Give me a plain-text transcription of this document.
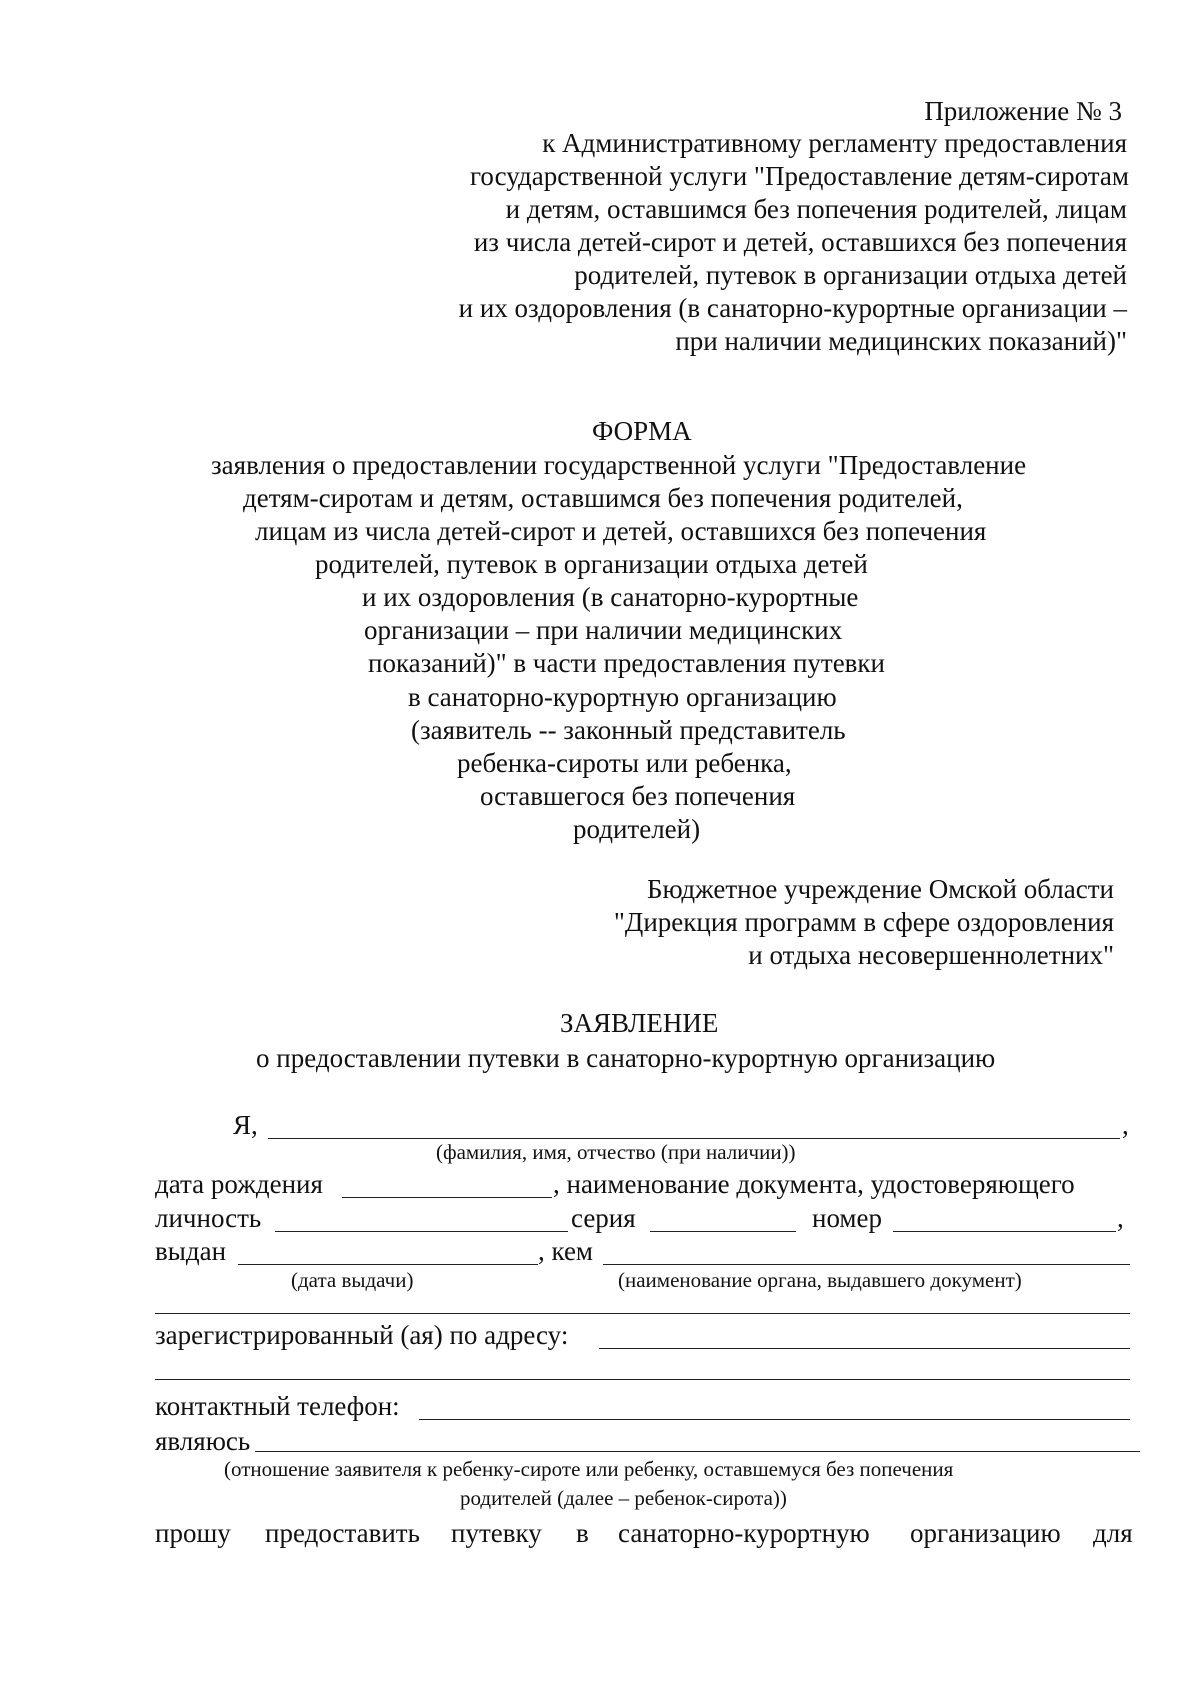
Приложение № 3
к Административному регламенту предоставления
государственной услуги "Предоставление детям-сиротам
и детям, оставшимся без попечения родителей, лицам
из числа детей-сирот и детей, оставшихся без попечения
родителей, путевок в организации отдыха детей
и их оздоровления (в санаторно-курортные организации –
при наличии медицинских показаний)"
ФОРМА
заявления о предоставлении государственной услуги "Предоставление
детям-сиротам и детям, оставшимся без попечения родителей,
лицам из числа детей-сирот и детей, оставшихся без попечения
родителей, путевок в организации отдыха детей
и их оздоровления (в санаторно-курортные
организации – при наличии медицинских
показаний)" в части предоставления путевки
в санаторно-курортную организацию
(заявитель -- законный представитель
ребенка-сироты или ребенка,
оставшегося без попечения
родителей)
Бюджетное учреждение Омской области
"Дирекция программ в сфере оздоровления
и отдыха несовершеннолетних"
ЗАЯВЛЕНИЕ
о предоставлении путевки в санаторно-курортную организацию
Я,	,
(фамилия, имя, отчество (при наличии))
дата рождения	, наименование документа, удостоверяющего
личность	серия	номер	,
выдан	, кем
(дата выдачи)	(наименование органа, выдавшего документ)
зарегистрированный (ая) по адресу:
контактный телефон:
являюсь
(отношение заявителя к ребенку-сироте или ребенку, оставшемуся без попечения
родителей (далее – ребенок-сирота))
прошу предоставить путевку в санаторно-курортную организацию для
